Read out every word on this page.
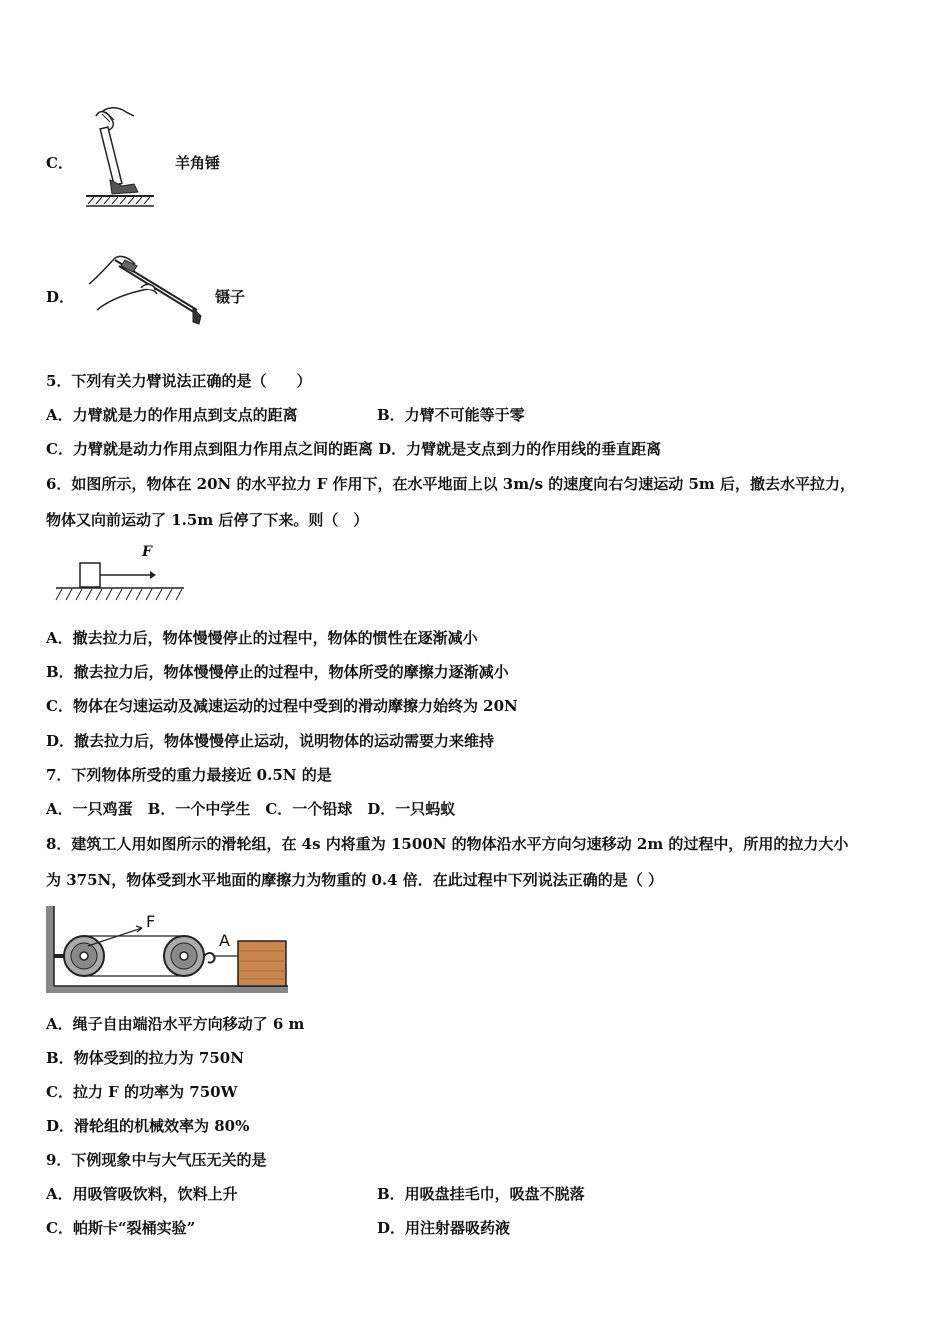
C．	羊角锤
D．	镊子
5．下列有关力臂说法正确的是（　　）
A．力臂就是力的作用点到支点的距离	B．力臂不可能等于零
C．力臂就是动力作用点到阻力作用点之间的距离 D．力臂就是支点到力的作用线的垂直距离
6．如图所示，物体在 20N 的水平拉力 F 作用下，在水平地面上以 3m/s 的速度向右匀速运动 5m 后，撤去水平拉力，
物体又向前运动了 1.5m 后停了下来。则（　）
F
A．撤去拉力后，物体慢慢停止的过程中，物体的惯性在逐渐减小
B．撤去拉力后，物体慢慢停止的过程中，物体所受的摩擦力逐渐减小
C．物体在匀速运动及减速运动的过程中受到的滑动摩擦力始终为 20N
D．撤去拉力后，物体慢慢停止运动，说明物体的运动需要力来维持
7．下列物体所受的重力最接近 0.5N 的是
A．一只鸡蛋　B．一个中学生　C．一个铅球　D．一只蚂蚁
8．建筑工人用如图所示的滑轮组，在 4s 内将重为 1500N 的物体沿水平方向匀速移动 2m 的过程中，所用的拉力大小
为 375N，物体受到水平地面的摩擦力为物重的 0.4 倍．在此过程中下列说法正确的是（ ）
F
A
A．绳子自由端沿水平方向移动了 6 m
B．物体受到的拉力为 750N
C．拉力 F 的功率为 750W
D．滑轮组的机械效率为 80%
9．下例现象中与大气压无关的是
A．用吸管吸饮料，饮料上升	B．用吸盘挂毛巾，吸盘不脱落
C．帕斯卡“裂桶实验”	D．用注射器吸药液
